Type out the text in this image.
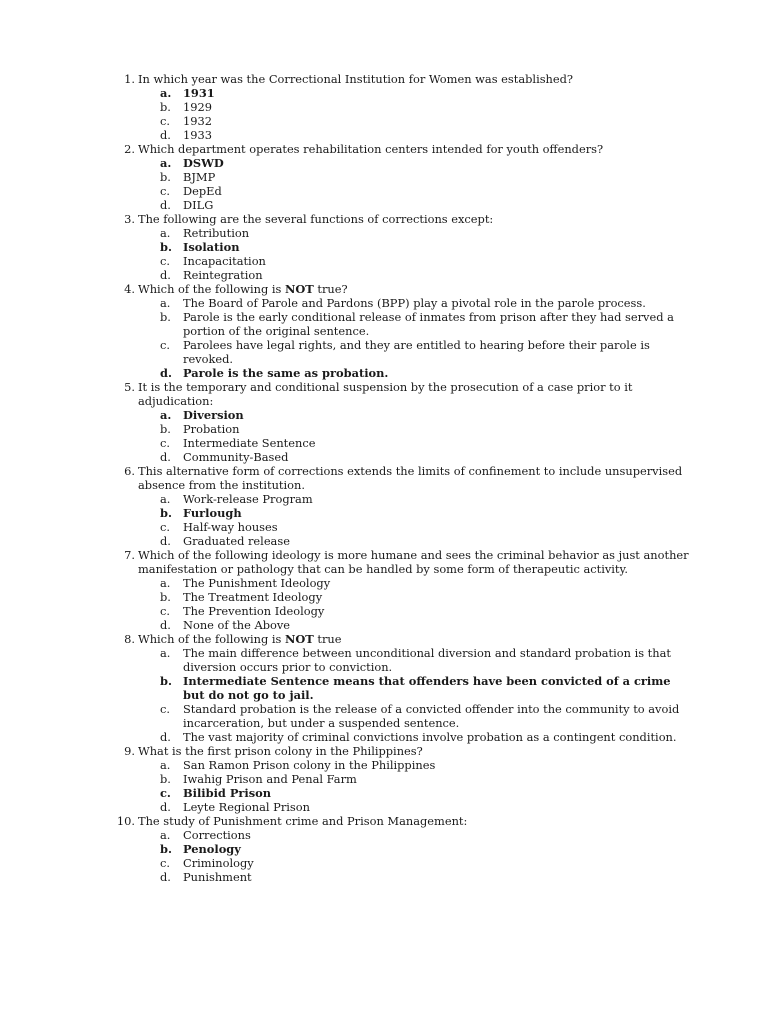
1. In which year was the Correctional Institution for Women was established?
a.	1931
b.	1929
c.	1932
d.	1933
2. Which department operates rehabilitation centers intended for youth offenders?
a.	DSWD
b.	BJMP
c.	DepEd
d.	DILG
3. The following are the several functions of corrections except:
a.	Retribution
b. Isolation
c.	Incapacitation
d.	Reintegration
4. Which of the following is NOT true?
a.	The Board of Parole and Pardons (BPP) play a pivotal role in the parole process.
b.	Parole is the early conditional release of inmates from prison after they had served a portion of the original sentence.
c.	Parolees have legal rights, and they are entitled to hearing before their parole is revoked.
d. Parole is the same as probation.
5. It is the temporary and conditional suspension by the prosecution of a case prior to it adjudication:
a.	Diversion
b.	Probation
c.	Intermediate Sentence
d.	Community-Based
6. This alternative form of corrections extends the limits of confinement to include unsupervised absence from the institution.
a.	Work-release Program
b. Furlough
c.	Half-way houses
d.	Graduated release
7. Which of the following ideology is more humane and sees the criminal behavior as just another manifestation or pathology that can be handled by some form of therapeutic activity.
a.	The Punishment Ideology
b.	The Treatment Ideology
c.	The Prevention Ideology
d.	None of the Above
8. Which of the following is NOT true
a.	The main difference between unconditional diversion and standard probation is that diversion occurs prior to conviction.
b. Intermediate Sentence means that offenders have been convicted of a crime but do not go to jail.
c.	Standard probation is the release of a convicted offender into the community to avoid incarceration, but under a suspended sentence.
d.	The vast majority of criminal convictions involve probation as a contingent condition.
9. What is the first prison colony in the Philippines?
a.	San Ramon Prison colony in the Philippines
b.	Iwahig Prison and Penal Farm
c.	Bilibid Prison
d.	Leyte Regional Prison
10. The study of Punishment crime and Prison Management:
a.	Corrections
b. Penology
c.	Criminology
d.	Punishment
